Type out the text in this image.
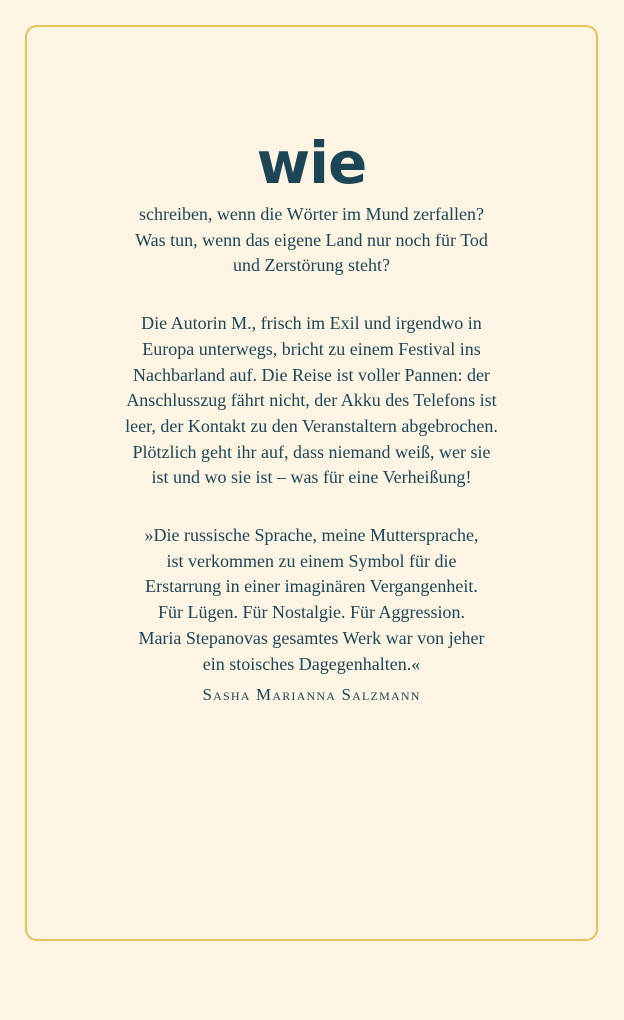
wie

schreiben, wenn die Wörter im Mund zerfallen?
Was tun, wenn das eigene Land nur noch für Tod
und Zerstörung steht?

Die Autorin M., frisch im Exil und irgendwo in
Europa unterwegs, bricht zu einem Festival ins
Nachbarland auf. Die Reise ist voller Pannen: der
Anschlusszug fährt nicht, der Akku des Telefons ist
leer, der Kontakt zu den Veranstaltern abgebrochen.
Plötzlich geht ihr auf, dass niemand weiß, wer sie
ist und wo sie ist – was für eine Verheißung!

»Die russische Sprache, meine Muttersprache,
ist verkommen zu einem Symbol für die
Erstarrung in einer imaginären Vergangenheit.
Für Lügen. Für Nostalgie. Für Aggression.
Maria Stepanovas gesamtes Werk war von jeher
ein stoisches Dagegenhalten.«

Sasha Marianna Salzmann
